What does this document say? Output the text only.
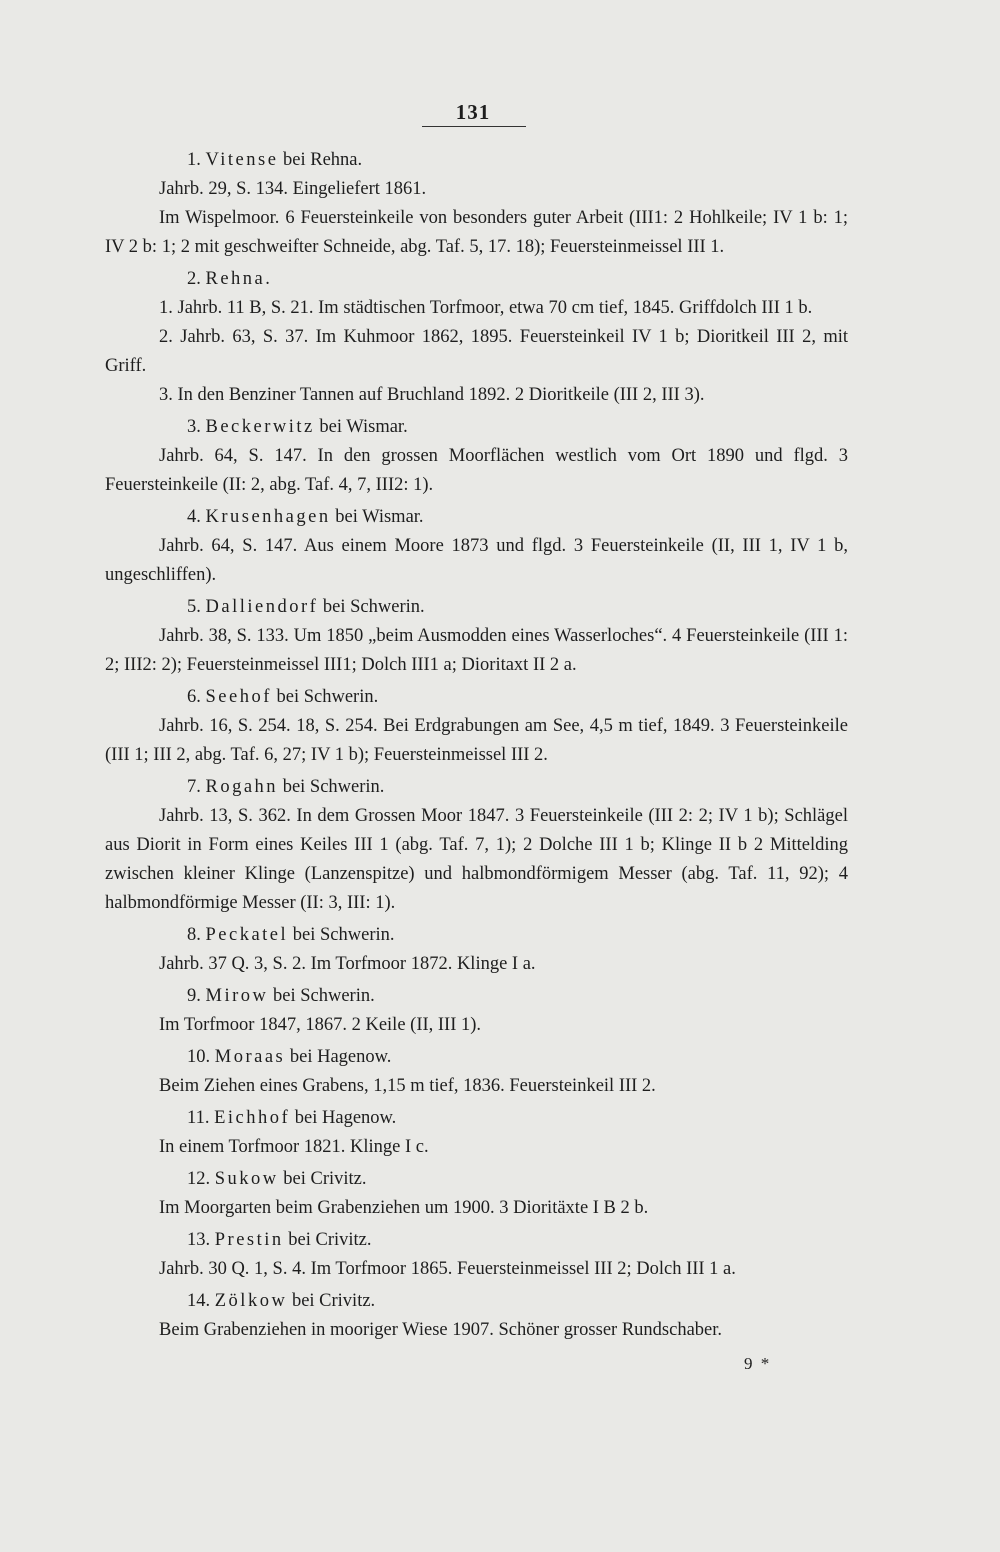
131
1. Vitense bei Rehna.
Jahrb. 29, S. 134. Eingeliefert 1861.
Im Wispelmoor. 6 Feuersteinkeile von besonders guter Arbeit (III1: 2 Hohlkeile; IV 1 b: 1; IV 2 b: 1; 2 mit geschweifter Schneide, abg. Taf. 5, 17. 18); Feuersteinmeissel III 1.
2. Rehna.
1. Jahrb. 11 B, S. 21. Im städtischen Torfmoor, etwa 70 cm tief, 1845. Griffdolch III 1 b.
2. Jahrb. 63, S. 37. Im Kuhmoor 1862, 1895. Feuersteinkeil IV 1 b; Dioritkeil III 2, mit Griff.
3. In den Benziner Tannen auf Bruchland 1892. 2 Dioritkeile (III 2, III 3).
3. Beckerwitz bei Wismar.
Jahrb. 64, S. 147. In den grossen Moorflächen westlich vom Ort 1890 und flgd. 3 Feuersteinkeile (II: 2, abg. Taf. 4, 7, III2: 1).
4. Krusenhagen bei Wismar.
Jahrb. 64, S. 147. Aus einem Moore 1873 und flgd. 3 Feuersteinkeile (II, III 1, IV 1 b, ungeschliffen).
5. Dalliendorf bei Schwerin.
Jahrb. 38, S. 133. Um 1850 „beim Ausmodden eines Wasserloches“. 4 Feuersteinkeile (III 1: 2; III2: 2); Feuersteinmeissel III1; Dolch III1 a; Dioritaxt II 2 a.
6. Seehof bei Schwerin.
Jahrb. 16, S. 254. 18, S. 254. Bei Erdgrabungen am See, 4,5 m tief, 1849. 3 Feuersteinkeile (III 1; III 2, abg. Taf. 6, 27; IV 1 b); Feuersteinmeissel III 2.
7. Rogahn bei Schwerin.
Jahrb. 13, S. 362. In dem Grossen Moor 1847. 3 Feuersteinkeile (III 2: 2; IV 1 b); Schlägel aus Diorit in Form eines Keiles III 1 (abg. Taf. 7, 1); 2 Dolche III 1 b; Klinge II b 2 Mittelding zwischen kleiner Klinge (Lanzenspitze) und halbmondförmigem Messer (abg. Taf. 11, 92); 4 halbmondförmige Messer (II: 3, III: 1).
8. Peckatel bei Schwerin.
Jahrb. 37 Q. 3, S. 2. Im Torfmoor 1872. Klinge I a.
9. Mirow bei Schwerin.
Im Torfmoor 1847, 1867. 2 Keile (II, III 1).
10. Moraas bei Hagenow.
Beim Ziehen eines Grabens, 1,15 m tief, 1836. Feuersteinkeil III 2.
11. Eichhof bei Hagenow.
In einem Torfmoor 1821. Klinge I c.
12. Sukow bei Crivitz.
Im Moorgarten beim Grabenziehen um 1900. 3 Dioritäxte I B 2 b.
13. Prestin bei Crivitz.
Jahrb. 30 Q. 1, S. 4. Im Torfmoor 1865. Feuersteinmeissel III 2; Dolch III 1 a.
14. Zölkow bei Crivitz.
Beim Grabenziehen in mooriger Wiese 1907. Schöner grosser Rundschaber.
9 *
